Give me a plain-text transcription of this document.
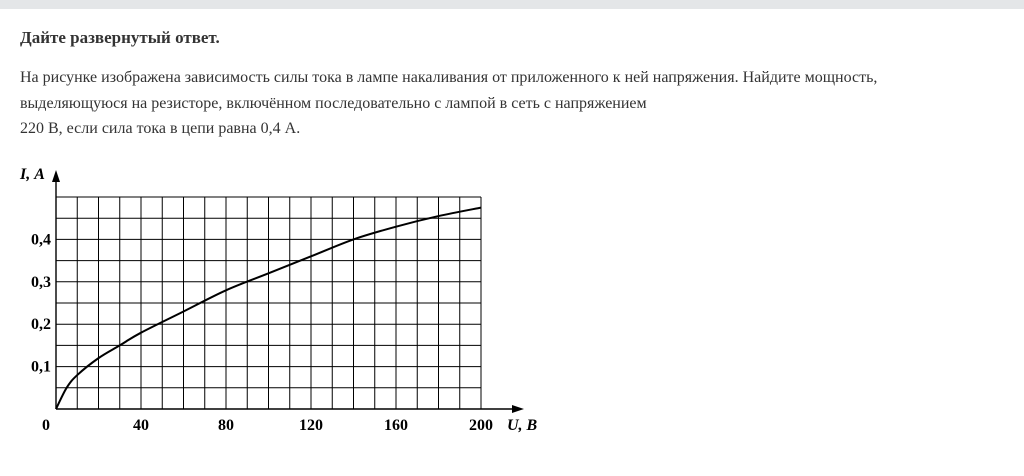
Дайте развернутый ответ.
На рисунке изображена зависимость силы тока в лампе накаливания от приложенного к ней напряжения. Найдите мощность,
выделяющуюся на резисторе, включённом последовательно с лампой в сеть с напряжением
220 В, если сила тока в цепи равна 0,4 А.
40	80	120	160	200
0,1
0,2
0,3
0,4
0
I, А
U, В
